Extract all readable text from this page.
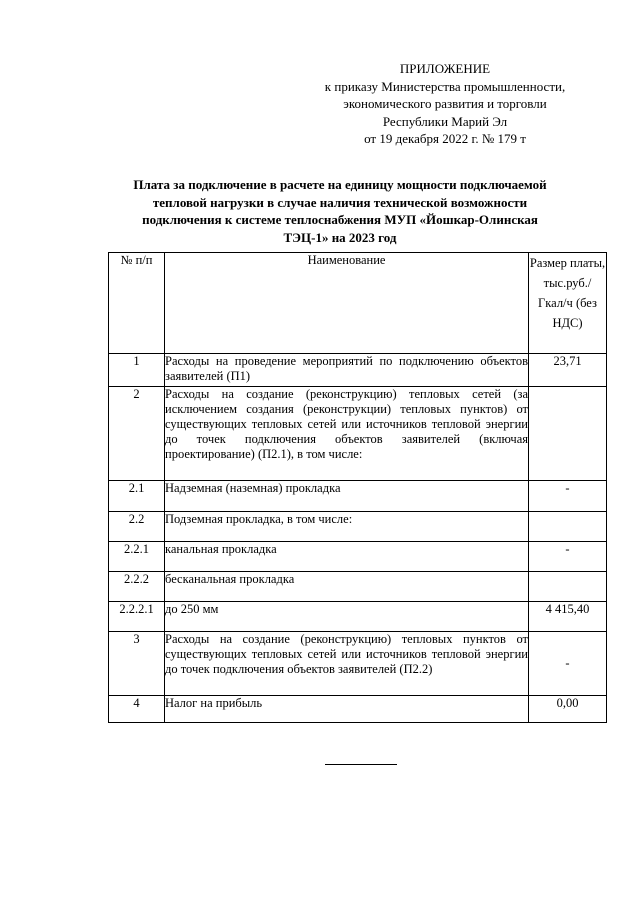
ПРИЛОЖЕНИЕ
к приказу Министерства промышленности,
экономического развития и торговли
Республики Марий Эл
от 19 декабря 2022 г. № 179 т
Плата за подключение в расчете на единицу мощности подключаемой
тепловой нагрузки в случае наличия технической возможности
подключения к системе теплоснабжения МУП «Йошкар-Олинская
ТЭЦ-1» на 2023 год
№ п/п	Наименование	Размер платы, тыс.руб./ Гкал/ч (без НДС)
1	Расходы на проведение мероприятий по подключению объектов заявителей (П1)	23,71
2	Расходы на создание (реконструкцию) тепловых сетей (за исключением создания (реконструкции) тепловых пунктов) от существующих тепловых сетей или источников тепловой энергии до точек подключения объектов заявителей (включая проектирование) (П2.1), в том числе:	
2.1	Надземная (наземная) прокладка	-
2.2	Подземная прокладка, в том числе:	
2.2.1	канальная прокладка	-
2.2.2	бесканальная прокладка	
2.2.2.1	до 250 мм	4 415,40
3	Расходы на создание (реконструкцию) тепловых пунктов от существующих тепловых сетей или источников тепловой энергии до точек подключения объектов заявителей (П2.2)	-
4	Налог на прибыль	0,00
